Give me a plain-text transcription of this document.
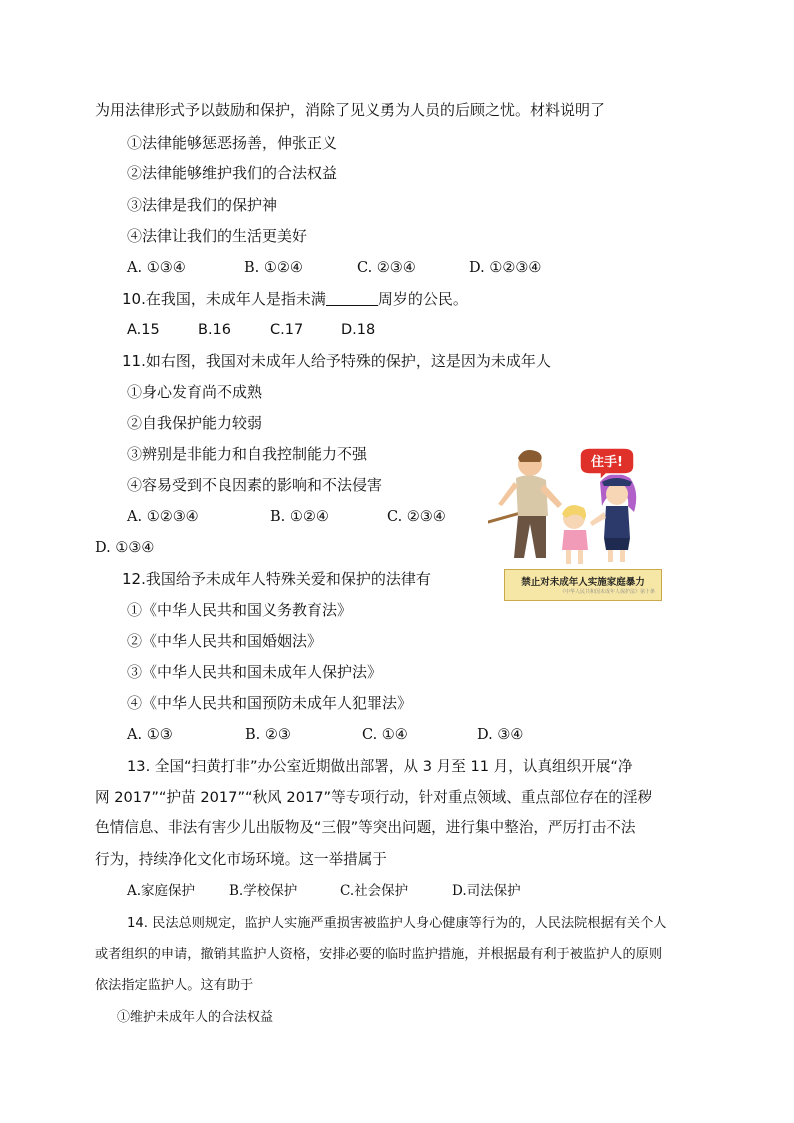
为用法律形式予以鼓励和保护，消除了见义勇为人员的后顾之忧。材料说明了
①法律能够惩恶扬善，伸张正义
②法律能够维护我们的合法权益
③法律是我们的保护神
④法律让我们的生活更美好
A. ①③④	B. ①②④	C. ②③④	D. ①②③④
10.在我国，未成年人是指未满	周岁的公民。
A.15	B.16	C.17	D.18
11.如右图，我国对未成年人给予特殊的保护，这是因为未成年人
①身心发育尚不成熟
②自我保护能力较弱
③辨别是非能力和自我控制能力不强
④容易受到不良因素的影响和不法侵害
A. ①②③④	B. ①②④	C. ②③④
D. ①③④
住手!
禁止对未成年人实施家庭暴力
《中华人民共和国未成年人保护法》第十条
12.我国给予未成年人特殊关爱和保护的法律有
①《中华人民共和国义务教育法》
②《中华人民共和国婚姻法》
③《中华人民共和国未成年人保护法》
④《中华人民共和国预防未成年人犯罪法》
A. ①③	B. ②③	C. ①④	D. ③④
13. 全国“扫黄打非”办公室近期做出部署，从 3 月至 11 月，认真组织开展“净
网 2017”“护苗 2017”“秋风 2017”等专项行动，针对重点领域、重点部位存在的淫秽
色情信息、非法有害少儿出版物及“三假”等突出问题，进行集中整治，严厉打击不法
行为，持续净化文化市场环境。这一举措属于
A.家庭保护	B.学校保护	C.社会保护	D.司法保护
14. 民法总则规定，监护人实施严重损害被监护人身心健康等行为的，人民法院根据有关个人
或者组织的申请，撤销其监护人资格，安排必要的临时监护措施，并根据最有利于被监护人的原则
依法指定监护人。这有助于
①维护未成年人的合法权益
